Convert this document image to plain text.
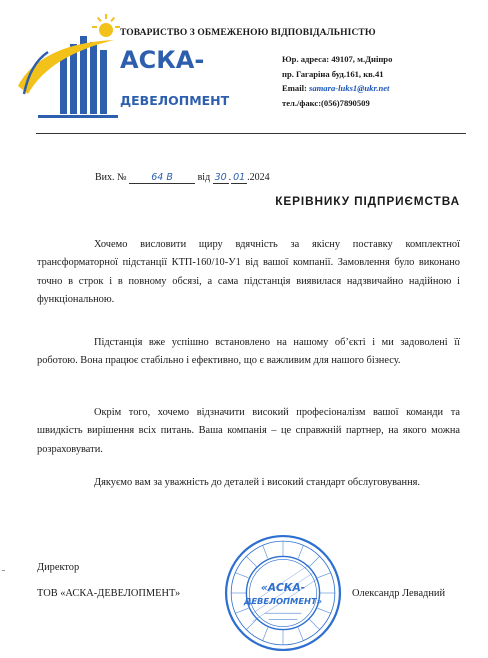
АСКА-
ДЕВЕЛОПМЕНТ
ТОВАРИСТВО З ОБМЕЖЕНОЮ ВІДПОВІДАЛЬНІСТЮ
Юр. адреса: 49107, м.Дніпро
пр. Гагаріна буд.161, кв.41
Email: samara-luks1@ukr.net
тел./факс:(056)7890509
Вих. №	64 В від 30 . 01 .2024
КЕРІВНИКУ ПІДПРИЄМСТВА

Хочемо висловити щиру вдячність за якісну поставку комплектної трансформаторної підстанції КТП-160/10-У1 від вашої компанії. Замовлення було виконано точно в строк і в повному обсязі, а сама підстанція виявилася надзвичайно надійною і функціональною.

Підстанція вже успішно встановлено на нашому об’єкті і ми задоволені її роботою. Вона працює стабільно і ефективно, що є важливим для нашого бізнесу.

Окрім того, хочемо відзначити високий професіоналізм вашої команди та швидкість вирішення всіх питань. Ваша компанія – це справжній партнер, на якого можна розраховувати.

Дякуємо вам за уважність до деталей і високий стандарт обслуговування.

«АСКА-
ДЕВЕЛОПМЕНТ»
Директор
ТОВ «АСКА-ДЕВЕЛОПМЕНТ»	Олександр Левадний
